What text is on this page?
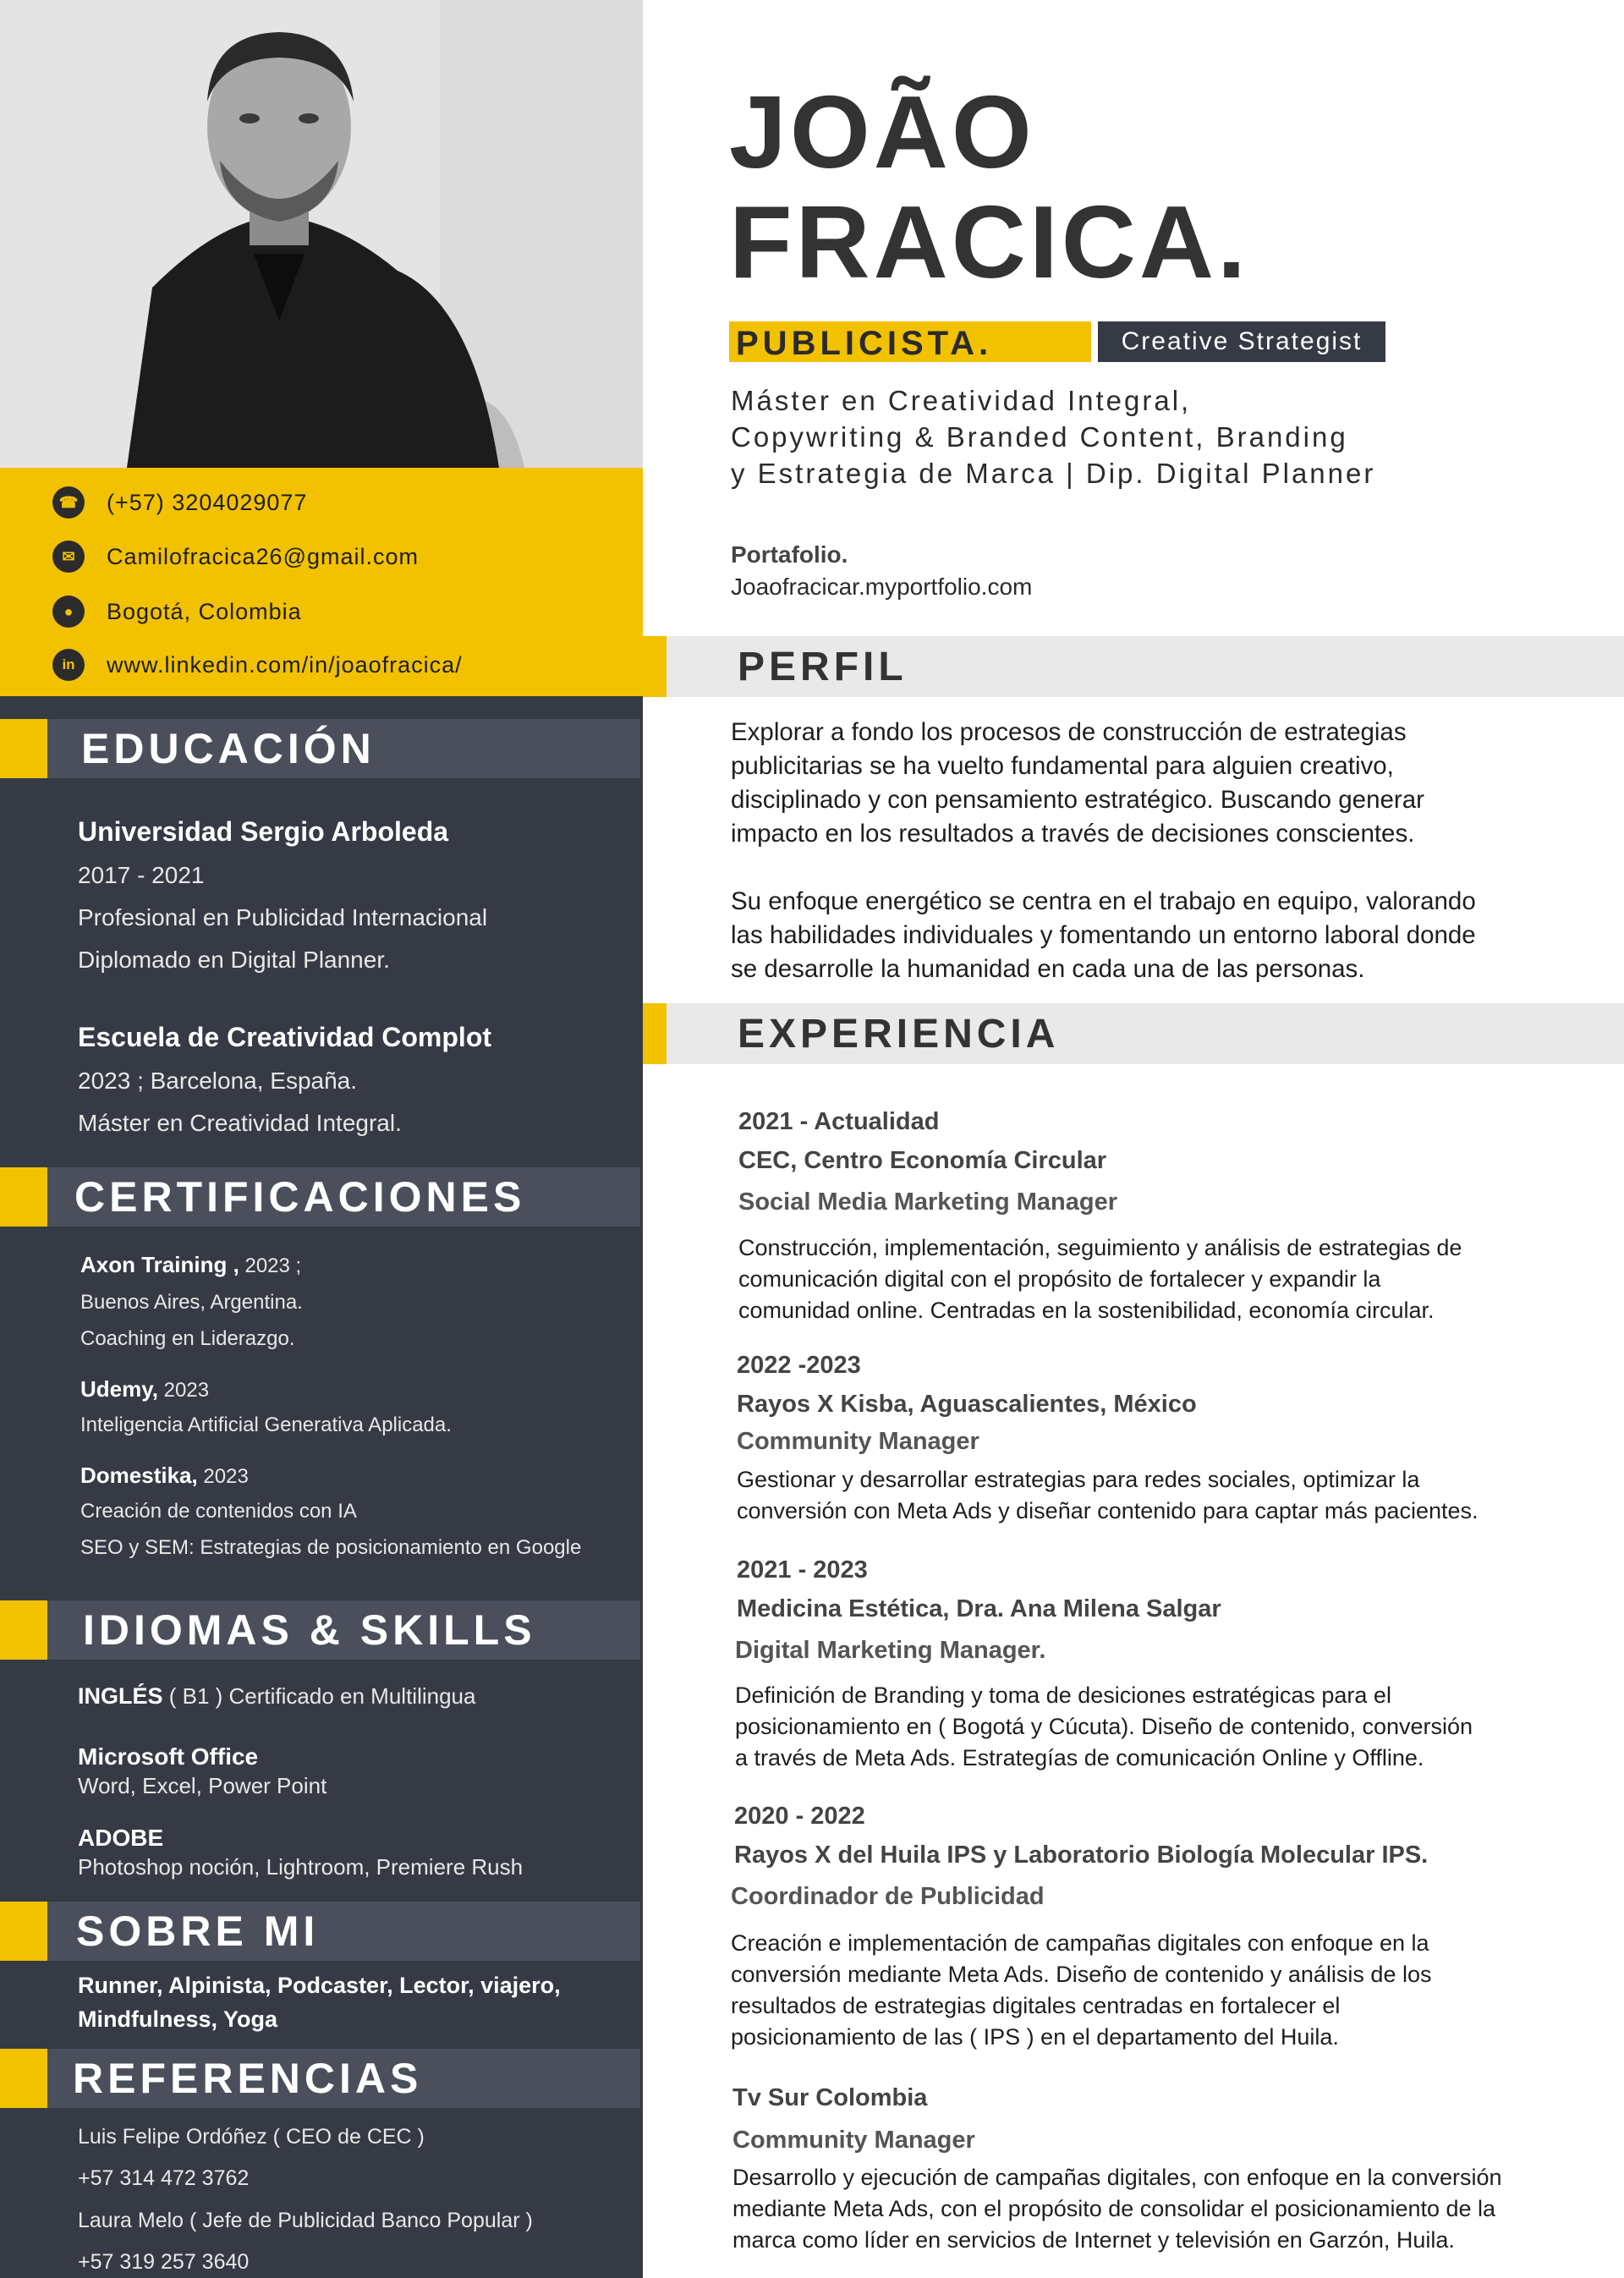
☎ (+57) 3204029077
✉	Camilofracica26@gmail.com
●	Bogotá, Colombia
in	www.linkedin.com/in/joaofracica/
EDUCACIÓN
Universidad Sergio Arboleda
2017 - 2021
Profesional en Publicidad Internacional
Diplomado en Digital Planner.
Escuela de Creatividad Complot
2023 ; Barcelona, España.
Máster en Creatividad Integral.
CERTIFICACIONES
Axon Training , 2023 ;
Buenos Aires, Argentina.
Coaching en Liderazgo.
Udemy, 2023
Inteligencia Artificial Generativa Aplicada.
Domestika, 2023
Creación de contenidos con IA
SEO y SEM: Estrategias de posicionamiento en Google
IDIOMAS & SKILLS
INGLÉS ( B1 ) Certificado en Multilingua
Microsoft Office
Word, Excel, Power Point
ADOBE
Photoshop noción, Lightroom, Premiere Rush
SOBRE MI
Runner, Alpinista, Podcaster, Lector, viajero,
Mindfulness, Yoga
REFERENCIAS
Luis Felipe Ordóñez ( CEO de CEC )
+57 314 472 3762
Laura Melo ( Jefe de Publicidad Banco Popular )
+57 319 257 3640
JOÃO
FRACICA.
PUBLICISTA.	Creative Strategist
Máster en Creatividad Integral,
Copywriting & Branded Content, Branding
y Estrategia de Marca | Dip. Digital Planner
Portafolio.
Joaofracicar.myportfolio.com
PERFIL
Explorar a fondo los procesos de construcción de estrategias
publicitarias se ha vuelto fundamental para alguien creativo,
disciplinado y con pensamiento estratégico. Buscando generar
impacto en los resultados a través de decisiones conscientes.
Su enfoque energético se centra en el trabajo en equipo, valorando
las habilidades individuales y fomentando un entorno laboral donde
se desarrolle la humanidad en cada una de las personas.
EXPERIENCIA
2021 - Actualidad
CEC, Centro Economía Circular
Social Media Marketing Manager
Construcción, implementación, seguimiento y análisis de estrategias de
comunicación digital con el propósito de fortalecer y expandir la
comunidad online. Centradas en la sostenibilidad, economía circular.
2022 -2023
Rayos X Kisba, Aguascalientes, México
Community Manager
Gestionar y desarrollar estrategias para redes sociales, optimizar la
conversión con Meta Ads y diseñar contenido para captar más pacientes.
2021 - 2023
Medicina Estética, Dra. Ana Milena Salgar
Digital Marketing Manager.
Definición de Branding y toma de desiciones estratégicas para el
posicionamiento en ( Bogotá y Cúcuta). Diseño de contenido, conversión
a través de Meta Ads. Estrategías de comunicación Online y Offline.
2020 - 2022
Rayos X del Huila IPS y Laboratorio Biología Molecular IPS.
Coordinador de Publicidad
Creación e implementación de campañas digitales con enfoque en la
conversión mediante Meta Ads. Diseño de contenido y análisis de los
resultados de estrategias digitales centradas en fortalecer el
posicionamiento de las ( IPS ) en el departamento del Huila.
Tv Sur Colombia
Community Manager
Desarrollo y ejecución de campañas digitales, con enfoque en la conversión
mediante Meta Ads, con el propósito de consolidar el posicionamiento de la
marca como líder en servicios de Internet y televisión en Garzón, Huila.
